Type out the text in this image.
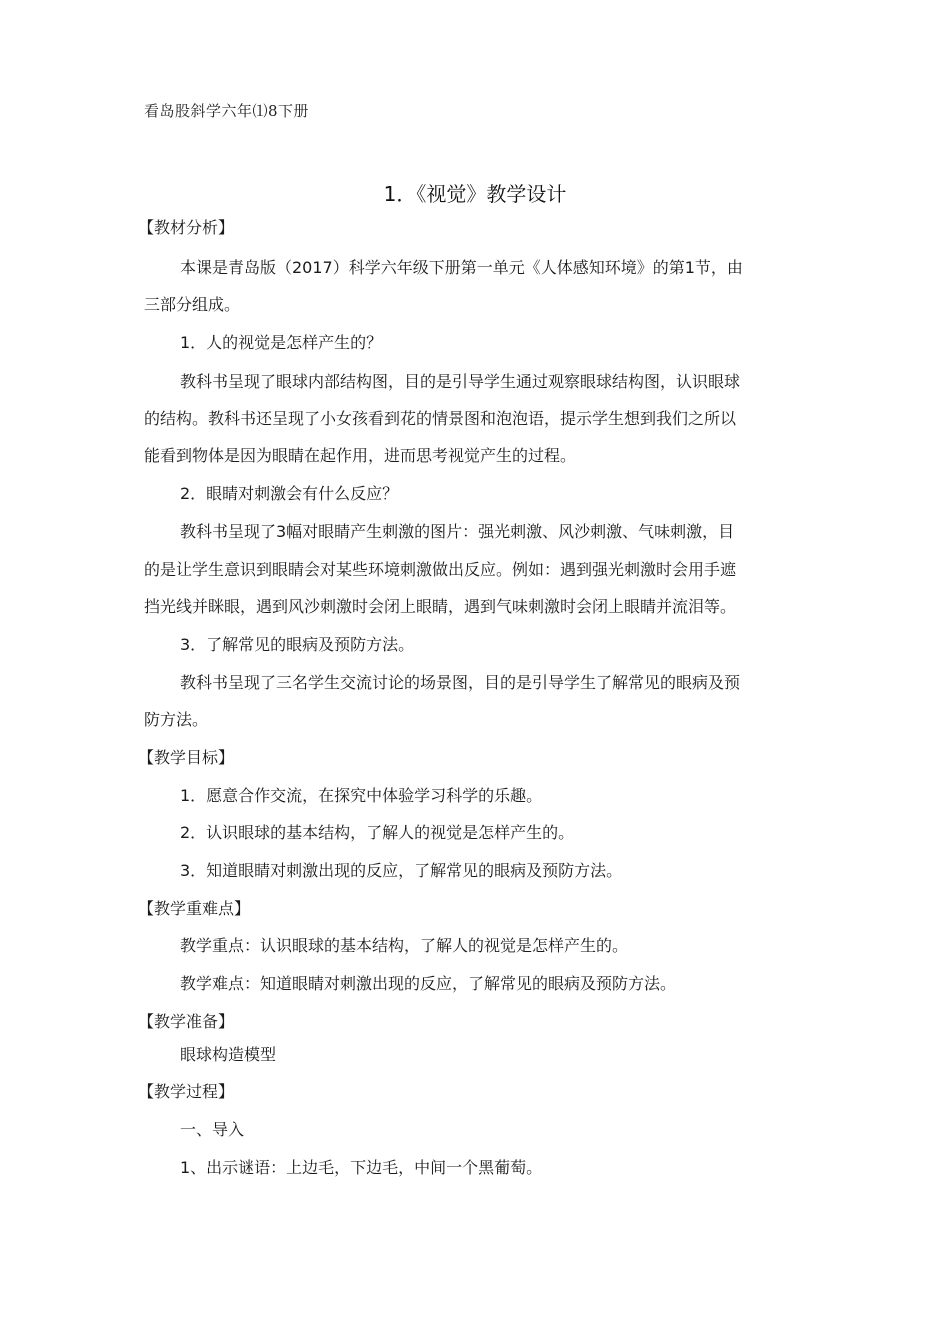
看岛股斜学六年⑴8下册
1．《视觉》教学设计
【教材分析】
本课是青岛版（2017）科学六年级下册第一单元《人体感知环境》的第1节，由
三部分组成。
1．人的视觉是怎样产生的？
教科书呈现了眼球内部结构图，目的是引导学生通过观察眼球结构图，认识眼球
的结构。教科书还呈现了小女孩看到花的情景图和泡泡语，提示学生想到我们之所以
能看到物体是因为眼睛在起作用，进而思考视觉产生的过程。
2．眼睛对刺激会有什么反应？
教科书呈现了3幅对眼睛产生刺激的图片：强光刺激、风沙刺激、气味刺激，目
的是让学生意识到眼睛会对某些环境刺激做出反应。例如：遇到强光刺激时会用手遮
挡光线并眯眼，遇到风沙刺激时会闭上眼睛，遇到气味刺激时会闭上眼睛并流泪等。
3．了解常见的眼病及预防方法。
教科书呈现了三名学生交流讨论的场景图，目的是引导学生了解常见的眼病及预
防方法。
【教学目标】
1．愿意合作交流，在探究中体验学习科学的乐趣。
2．认识眼球的基本结构，了解人的视觉是怎样产生的。
3．知道眼睛对刺激出现的反应，了解常见的眼病及预防方法。
【教学重难点】
教学重点：认识眼球的基本结构，了解人的视觉是怎样产生的。
教学难点：知道眼睛对刺激出现的反应，了解常见的眼病及预防方法。
【教学准备】
眼球构造模型
【教学过程】
一、导入
1、出示谜语：上边毛，下边毛，中间一个黑葡萄。
